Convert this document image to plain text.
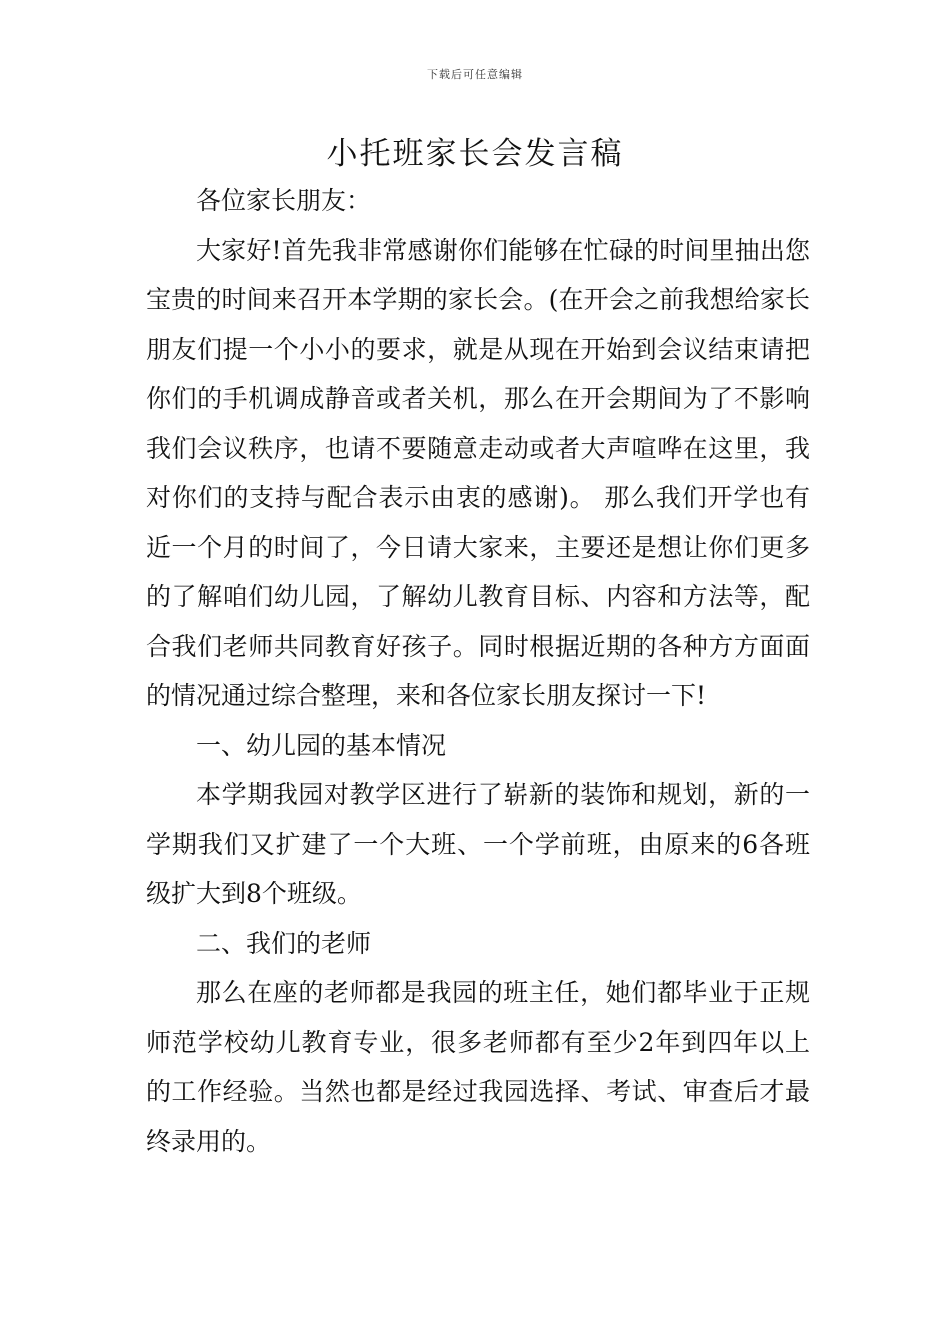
下载后可任意编辑
小托班家长会发言稿

各位家长朋友：

大家好!首先我非常感谢你们能够在忙碌的时间里抽出您宝贵的时间来召开本学期的家长会。(在开会之前我想给家长朋友们提一个小小的要求，就是从现在开始到会议结束请把你们的手机调成静音或者关机，那么在开会期间为了不影响我们会议秩序，也请不要随意走动或者大声喧哗在这里，我对你们的支持与配合表示由衷的感谢)。 那么我们开学也有近一个月的时间了，今日请大家来，主要还是想让你们更多的了解咱们幼儿园，了解幼儿教育目标、内容和方法等，配合我们老师共同教育好孩子。同时根据近期的各种方方面面的情况通过综合整理，来和各位家长朋友探讨一下!

一、幼儿园的基本情况

本学期我园对教学区进行了崭新的装饰和规划，新的一学期我们又扩建了一个大班、一个学前班，由原来的6各班级扩大到8个班级。

二、我们的老师

那么在座的老师都是我园的班主任，她们都毕业于正规师范学校幼儿教育专业，很多老师都有至少2年到四年以上的工作经验。当然也都是经过我园选择、考试、审查后才最终录用的。
